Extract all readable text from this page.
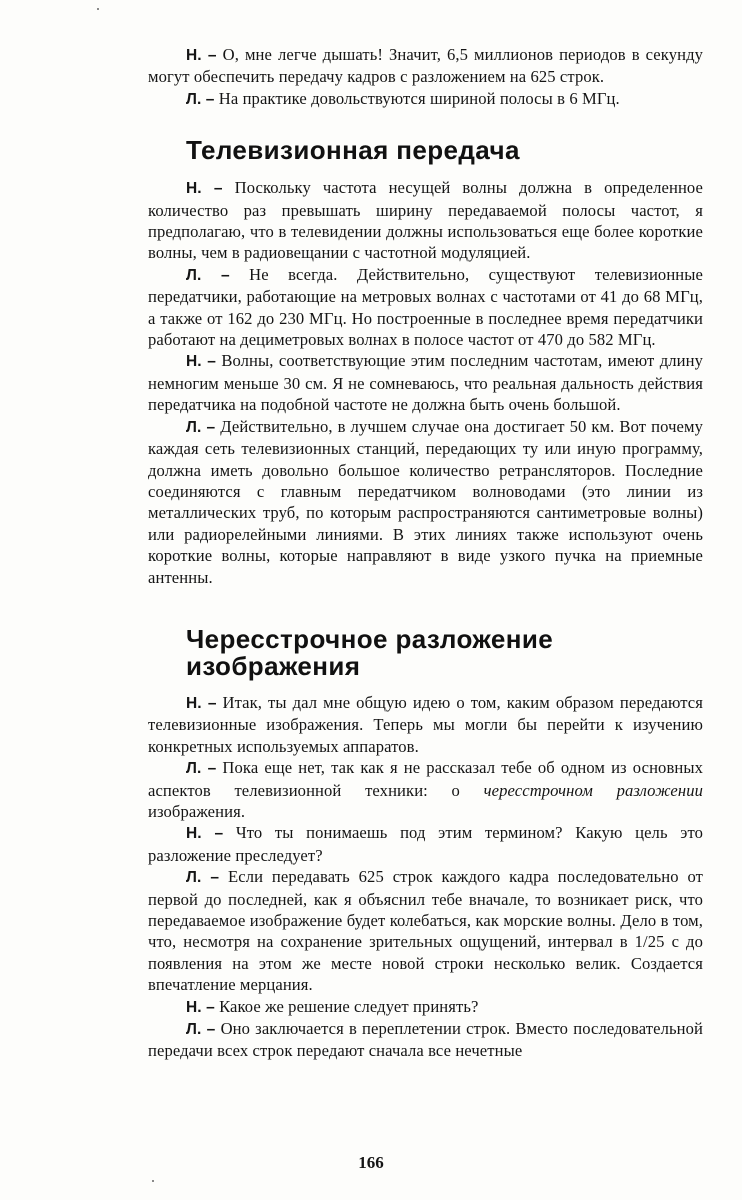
Н. – О, мне легче дышать! Значит, 6,5 миллионов периодов в секунду могут обеспечить передачу кадров с разложением на 625 строк.

Л. – На практике довольствуются шириной полосы в 6 МГц.

Телевизионная передача

Н. – Поскольку частота несущей волны должна в определенное количество раз превышать ширину передаваемой полосы частот, я предполагаю, что в телевидении должны использоваться еще более короткие волны, чем в радиовещании с частотной модуляцией.

Л. – Не всегда. Действительно, существуют телевизионные передатчики, работающие на метровых волнах с частотами от 41 до 68 МГц, а также от 162 до 230 МГц. Но построенные в последнее время передатчики работают на дециметровых волнах в полосе частот от 470 до 582 МГц.

Н. – Волны, соответствующие этим последним частотам, имеют длину немногим меньше 30 см. Я не сомневаюсь, что реальная дальность действия передатчика на подобной частоте не должна быть очень большой.

Л. – Действительно, в лучшем случае она достигает 50 км. Вот почему каждая сеть телевизионных станций, передающих ту или иную программу, должна иметь довольно большое количество ретрансляторов. Последние соединяются с главным передатчиком волноводами (это линии из металлических труб, по которым распространяются сантиметровые волны) или радиорелейными линиями. В этих линиях также используют очень короткие волны, которые направляют в виде узкого пучка на приемные антенны.

Чересстрочное разложение изображения

Н. – Итак, ты дал мне общую идею о том, каким образом передаются телевизионные изображения. Теперь мы могли бы перейти к изучению конкретных используемых аппаратов.

Л. – Пока еще нет, так как я не рассказал тебе об одном из основных аспектов телевизионной техники: о чересстрочном разложении изображения.

Н. – Что ты понимаешь под этим термином? Какую цель это разложение преследует?

Л. – Если передавать 625 строк каждого кадра последовательно от первой до последней, как я объяснил тебе вначале, то возникает риск, что передаваемое изображение будет колебаться, как морские волны. Дело в том, что, несмотря на сохранение зрительных ощущений, интервал в 1/25 с до появления на этом же месте новой строки несколько велик. Создается впечатление мерцания.

Н. – Какое же решение следует принять?

Л. – Оно заключается в переплетении строк. Вместо последовательной передачи всех строк передают сначала все нечетные

166
